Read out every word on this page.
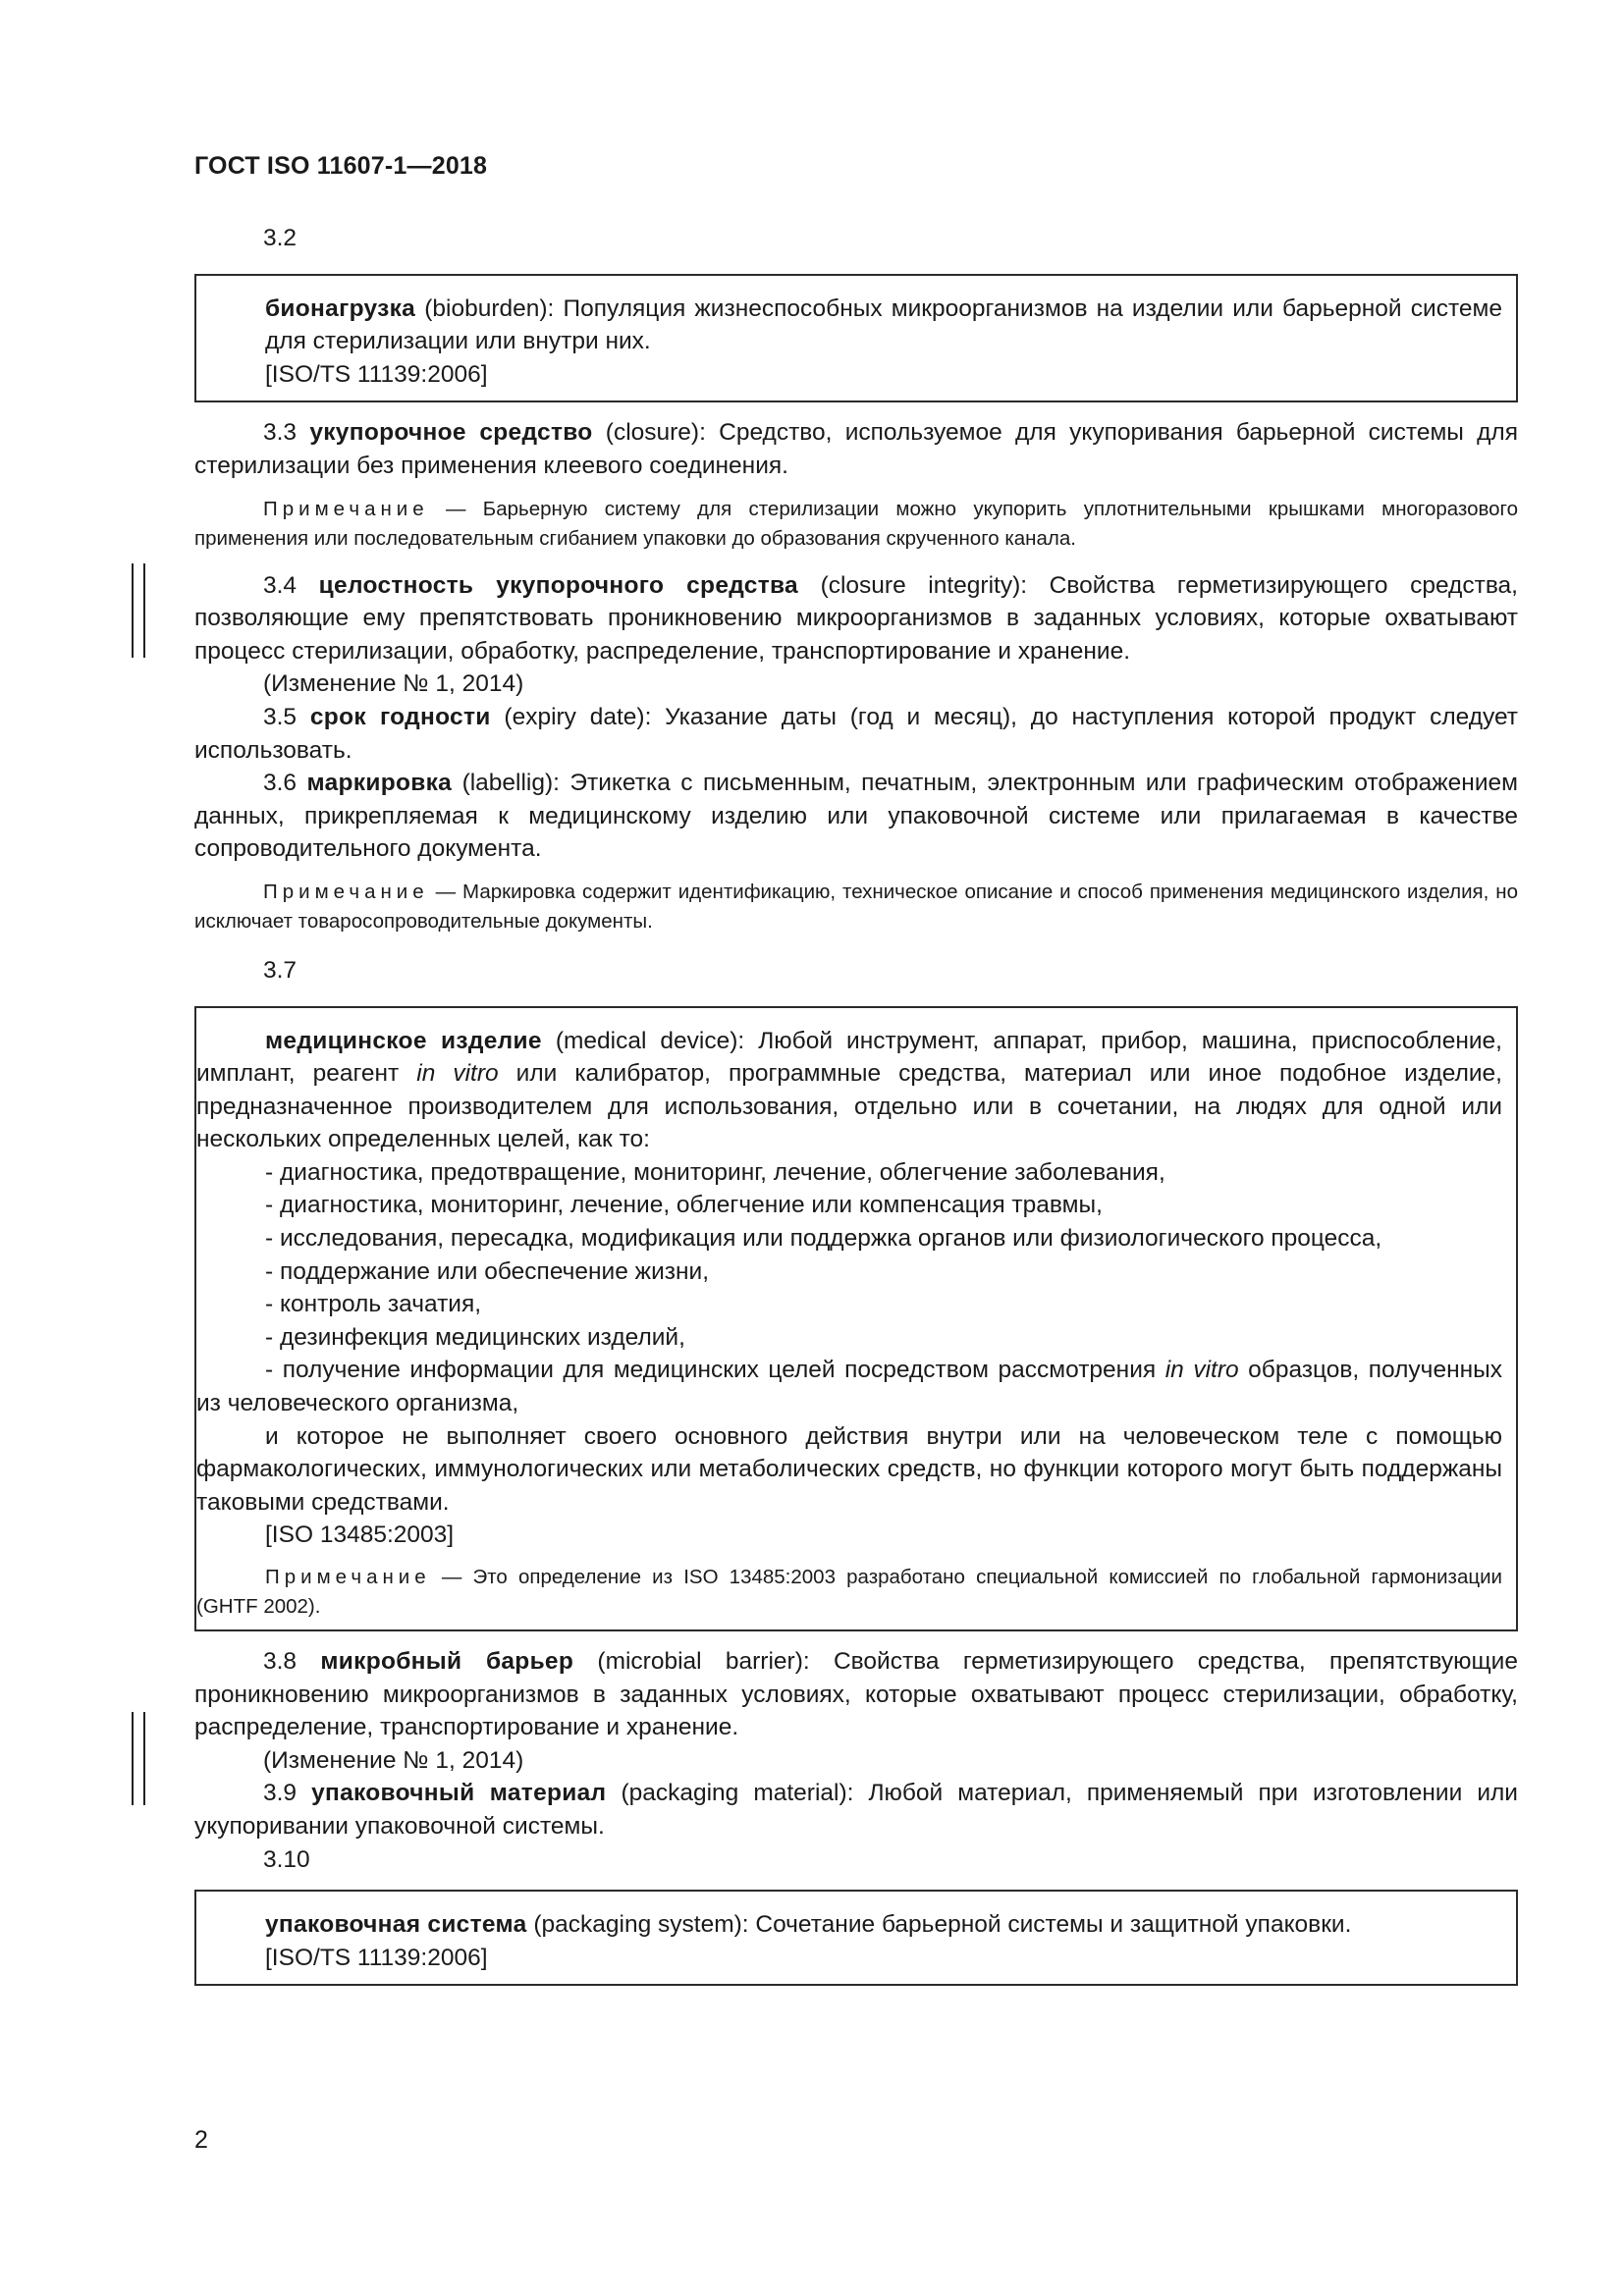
ГОСТ ISO 11607-1—2018

3.2

бионагрузка (bioburden): Популяция жизнеспособных микроорганизмов на изделии или барьерной системе для стерилизации или внутри них.

[ISO/TS 11139:2006]

3.3 укупорочное средство (closure): Средство, используемое для укупоривания барьерной системы для стерилизации без применения клеевого соединения.

Примечание — Барьерную систему для стерилизации можно укупорить уплотнительными крышками многоразового применения или последовательным сгибанием упаковки до образования скрученного канала.

3.4 целостность укупорочного средства (closure integrity): Свойства герметизирующего средства, позволяющие ему препятствовать проникновению микроорганизмов в заданных условиях, которые охватывают процесс стерилизации, обработку, распределение, транспортирование и хранение.

(Изменение № 1, 2014)

3.5 срок годности (expiry date): Указание даты (год и месяц), до наступления которой продукт следует использовать.

3.6 маркировка (labellig): Этикетка с письменным, печатным, электронным или графическим отображением данных, прикрепляемая к медицинскому изделию или упаковочной системе или прилагаемая в качестве сопроводительного документа.

Примечание — Маркировка содержит идентификацию, техническое описание и способ применения медицинского изделия, но исключает товаросопроводительные документы.

3.7

медицинское изделие (medical device): Любой инструмент, аппарат, прибор, машина, приспособление, имплант, реагент in vitro или калибратор, программные средства, материал или иное подобное изделие, предназначенное производителем для использования, отдельно или в сочетании, на людях для одной или нескольких определенных целей, как то:

- диагностика, предотвращение, мониторинг, лечение, облегчение заболевания,

- диагностика, мониторинг, лечение, облегчение или компенсация травмы,

- исследования, пересадка, модификация или поддержка органов или физиологического процесса,

- поддержание или обеспечение жизни,

- контроль зачатия,

- дезинфекция медицинских изделий,

- получение информации для медицинских целей посредством рассмотрения in vitro образцов, полученных из человеческого организма,

и которое не выполняет своего основного действия внутри или на человеческом теле с помощью фармакологических, иммунологических или метаболических средств, но функции которого могут быть поддержаны таковыми средствами.

[ISO 13485:2003]

Примечание — Это определение из ISO 13485:2003 разработано специальной комиссией по глобальной гармонизации (GHTF 2002).

3.8 микробный барьер (microbial barrier): Свойства герметизирующего средства, препятствующие проникновению микроорганизмов в заданных условиях, которые охватывают процесс стерилизации, обработку, распределение, транспортирование и хранение.

(Изменение № 1, 2014)

3.9 упаковочный материал (packaging material): Любой материал, применяемый при изготовлении или укупоривании упаковочной системы.

3.10

упаковочная система (packaging system): Сочетание барьерной системы и защитной упаковки.

[ISO/TS 11139:2006]

2
